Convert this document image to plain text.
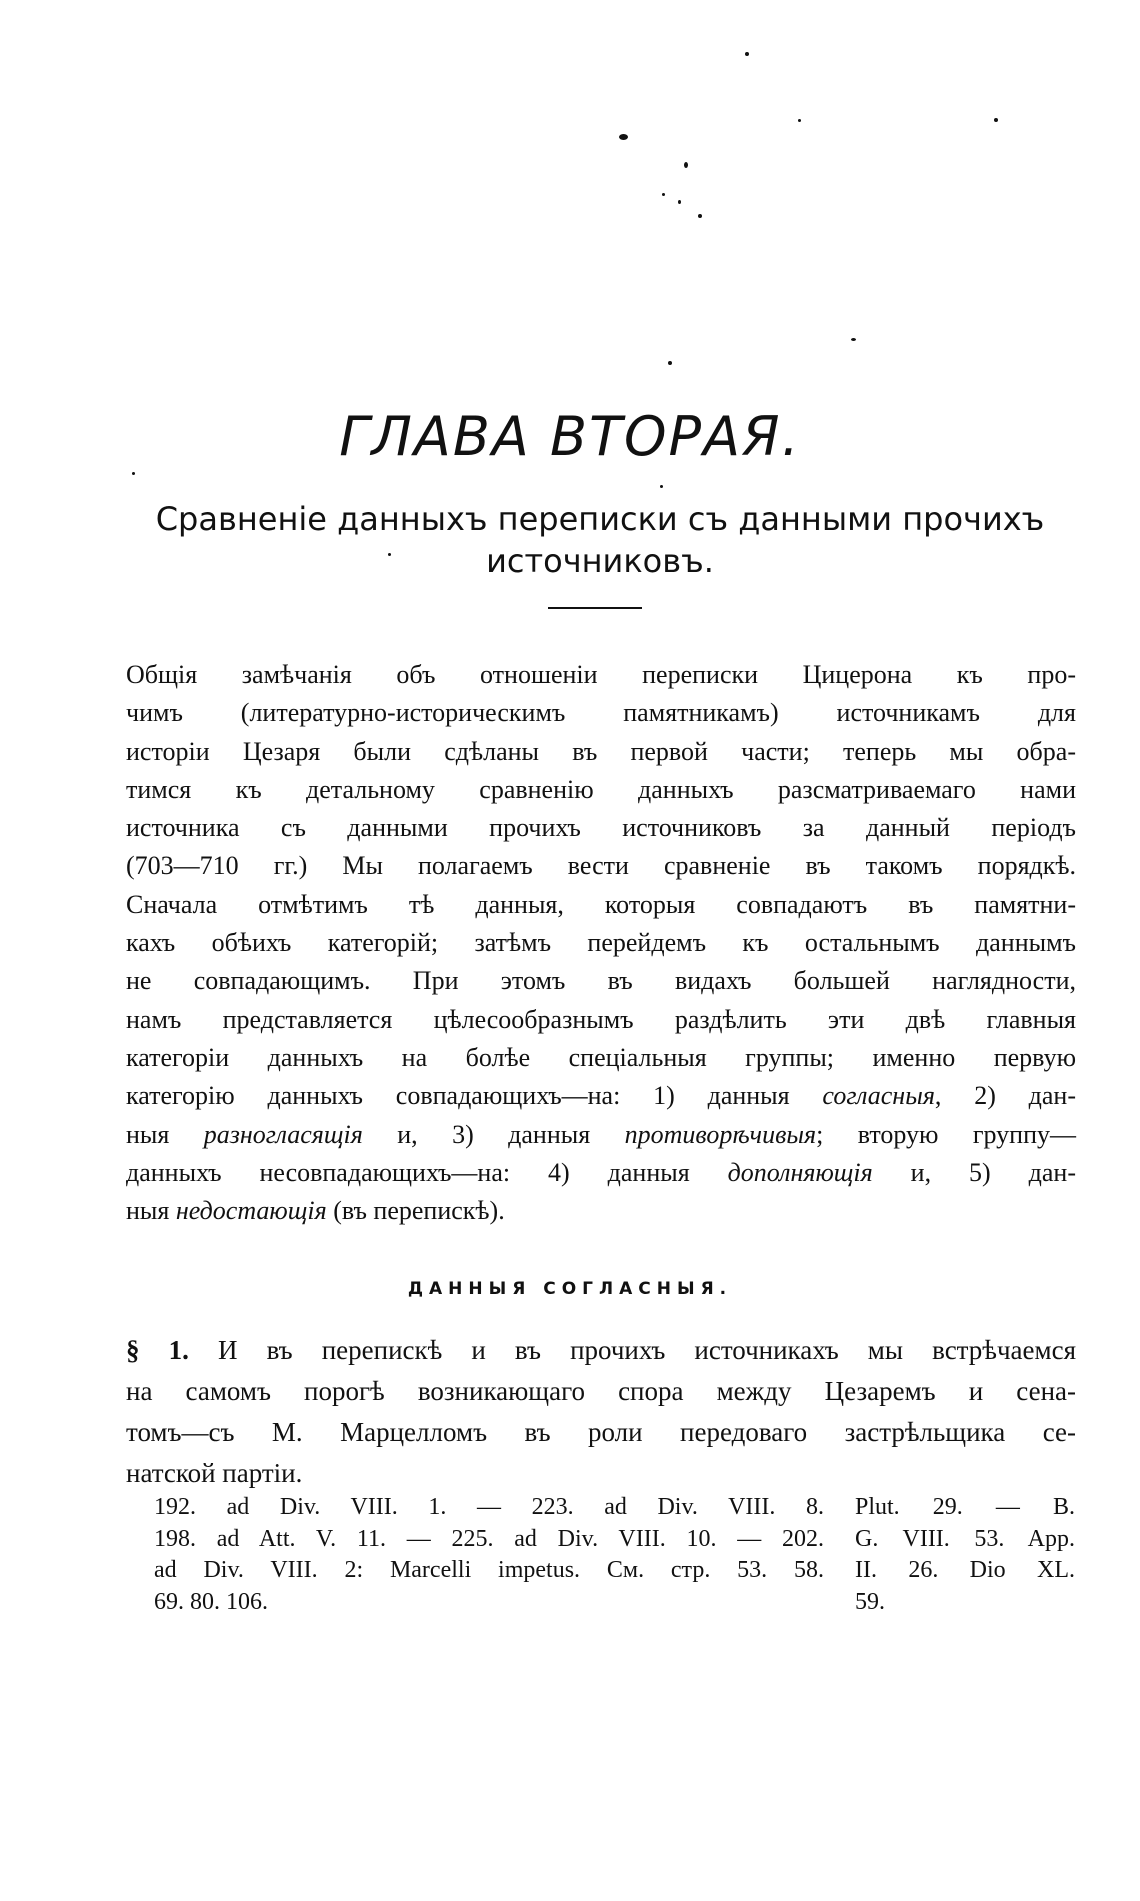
ГЛАВА ВТОРАЯ.
Сравненіе данныхъ переписки съ данными прочихъ
источниковъ.
Общія замѣчанія объ отношеніи переписки Цицерона къ про-
чимъ (литературно-историческимъ памятникамъ) источникамъ для
исторіи Цезаря были сдѣланы въ первой части; теперь мы обра-
тимся къ детальному сравненію данныхъ разсматриваемаго нами
источника съ данными прочихъ источниковъ за данный періодъ
(703—710 гг.) Мы полагаемъ вести сравненіе въ такомъ порядкѣ.
Сначала отмѣтимъ тѣ данныя, которыя совпадаютъ въ памятни-
кахъ обѣихъ категорій; затѣмъ перейдемъ къ остальнымъ даннымъ
не совпадающимъ. При этомъ въ видахъ большей наглядности,
намъ представляется цѣлесообразнымъ раздѣлить эти двѣ главныя
категоріи данныхъ на болѣе спеціальныя группы; именно первую
категорію данныхъ совпадающихъ—на: 1) данныя согласныя, 2) дан-
ныя разногласящія и, 3) данныя противорѣчивыя; вторую группу—
данныхъ несовпадающихъ—на: 4) данныя дополняющія и, 5) дан-
ныя недостающія (въ перепискѣ).
ДАННЫЯ СОГЛАСНЫЯ.
§ 1. И въ перепискѣ и въ прочихъ источникахъ мы встрѣчаемся
на самомъ порогѣ возникающаго спора между Цезаремъ и сена-
томъ—съ М. Марцелломъ въ роли передоваго застрѣльщика се-
натской партіи.
192. ad Div. VIII. 1. — 223. ad Div. VIII. 8.
198. ad Att. V. 11. — 225. ad Div. VIII. 10. — 202.
ad Div. VIII. 2: Marcelli impetus. См. стр. 53. 58.
69. 80. 106.
Plut. 29. — B.
G. VIII. 53. App.
II. 26. Dio XL.
59.
